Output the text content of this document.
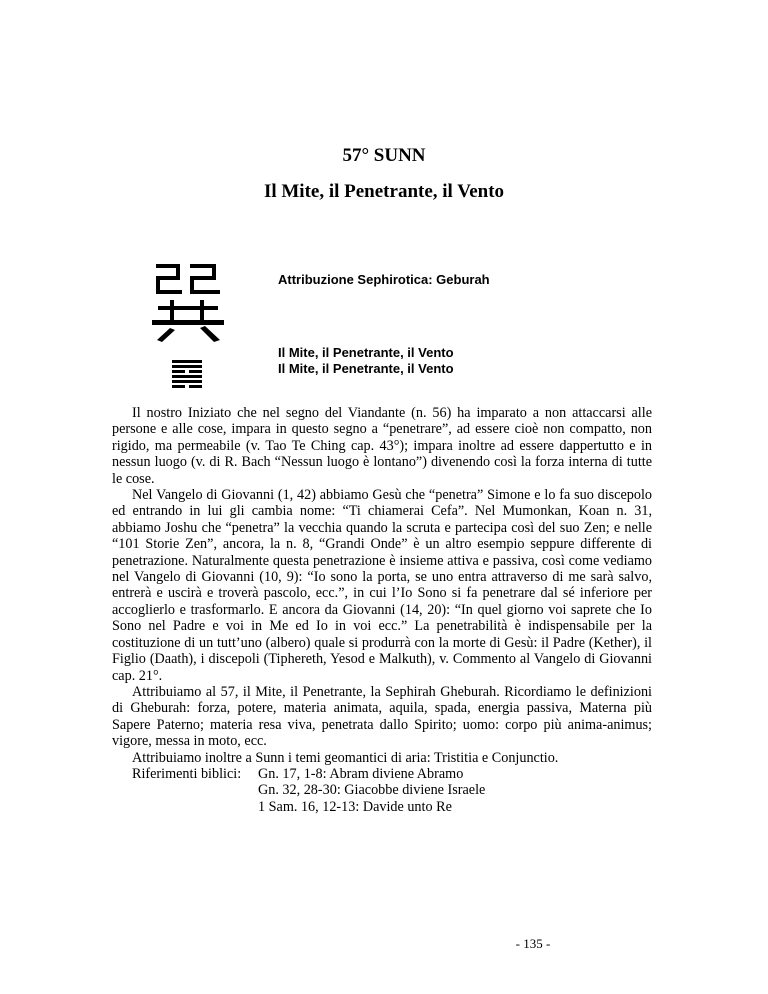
57° SUNN
Il Mite, il Penetrante, il Vento
Attribuzione Sephirotica: Geburah
Il Mite, il Penetrante, il Vento
Il Mite, il Penetrante, il Vento

Il nostro Iniziato che nel segno del Viandante (n. 56) ha imparato a non attaccarsi alle persone e alle cose, impara in questo segno a “penetrare”, ad essere cioè non compatto, non rigido, ma permeabile (v. Tao Te Ching cap. 43°); impara inoltre ad essere dappertutto e in nessun luogo (v. di R. Bach “Nessun luogo è lontano”) divenendo così la forza interna di tutte le cose.

Nel Vangelo di Giovanni (1, 42) abbiamo Gesù che “penetra” Simone e lo fa suo discepolo ed entrando in lui gli cambia nome: “Ti chiamerai Cefa”. Nel Mumonkan, Koan n. 31, abbiamo Joshu che “penetra” la vecchia quando la scruta e partecipa così del suo Zen; e nelle “101 Storie Zen”, ancora, la n. 8, “Grandi Onde” è un altro esempio seppure differente di penetrazione. Naturalmente questa penetrazione è insieme attiva e passiva, così come vediamo nel Vangelo di Giovanni (10, 9): “Io sono la porta, se uno entra attraverso di me sarà salvo, entrerà e uscirà e troverà pascolo, ecc.”, in cui l’Io Sono si fa penetrare dal sé inferiore per accoglierlo e trasformarlo. E ancora da Giovanni (14, 20): “In quel giorno voi saprete che Io Sono nel Padre e voi in Me ed Io in voi ecc.” La penetrabilità è indispensabile per la costituzione di un tutt’uno (albero) quale si produrrà con la morte di Gesù: il Padre (Kether), il Figlio (Daath), i discepoli (Tiphereth, Yesod e Malkuth), v. Commento al Vangelo di Giovanni cap. 21°.

Attribuiamo al 57, il Mite, il Penetrante, la Sephirah Gheburah. Ricordiamo le definizioni di Gheburah: forza, potere, materia animata, aquila, spada, energia passiva, Materna più Sapere Paterno; materia resa viva, penetrata dallo Spirito; uomo: corpo più anima-animus; vigore, messa in moto, ecc.

Attribuiamo inoltre a Sunn i temi geomantici di aria: Tristitia e Conjunctio.

Riferimenti biblici:	Gn. 17, 1-8: Abram diviene Abramo
Gn. 32, 28-30: Giacobbe diviene Israele
1 Sam. 16, 12-13: Davide unto Re
- 135 -
